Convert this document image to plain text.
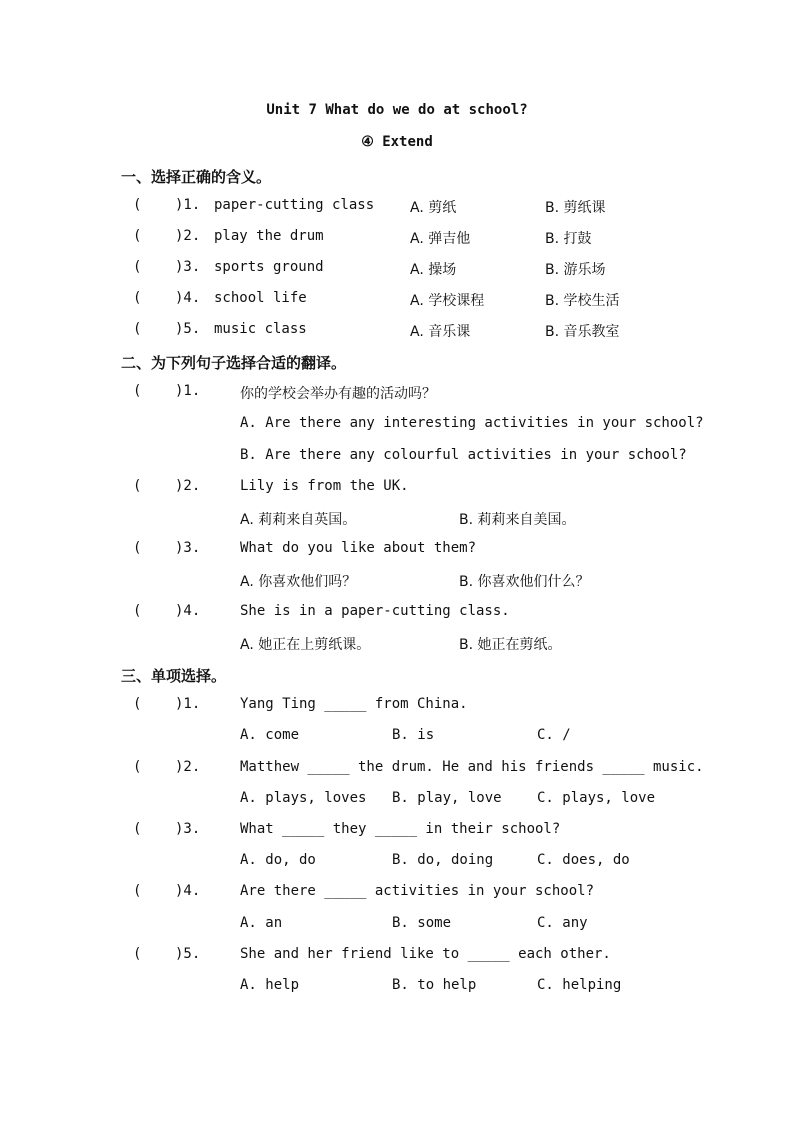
Unit 7 What do we do at school?
④ Extend
一、选择正确的含义。
( )1. paper-cutting class	A. 剪纸	B. 剪纸课
( )2. play the drum	A. 弹吉他	B. 打鼓
( )3. sports ground	A. 操场	B. 游乐场
( )4. school life	A. 学校课程	B. 学校生活
( )5. music class	A. 音乐课	B. 音乐教室
二、为下列句子选择合适的翻译。
( )1.	你的学校会举办有趣的活动吗？
A. Are there any interesting activities in your school?
B. Are there any colourful activities in your school?
( )2.	Lily is from the UK.
A. 莉莉来自英国。	B. 莉莉来自美国。
( )3.	What do you like about them?
A. 你喜欢他们吗？	B. 你喜欢他们什么？
( )4.	She is in a paper-cutting class.
A. 她正在上剪纸课。	B. 她正在剪纸。
三、单项选择。
( )1.	Yang Ting _____ from China.
A. come	B. is	C. /
( )2.	Matthew _____ the drum. He and his friends _____ music.
A. plays, loves B. play, love	C. plays, love
( )3.	What _____ they _____ in their school?
A. do, do	B. do, doing	C. does, do
( )4.	Are there _____ activities in your school?
A. an	B. some	C. any
( )5.	She and her friend like to _____ each other.
A. help	B. to help	C. helping
